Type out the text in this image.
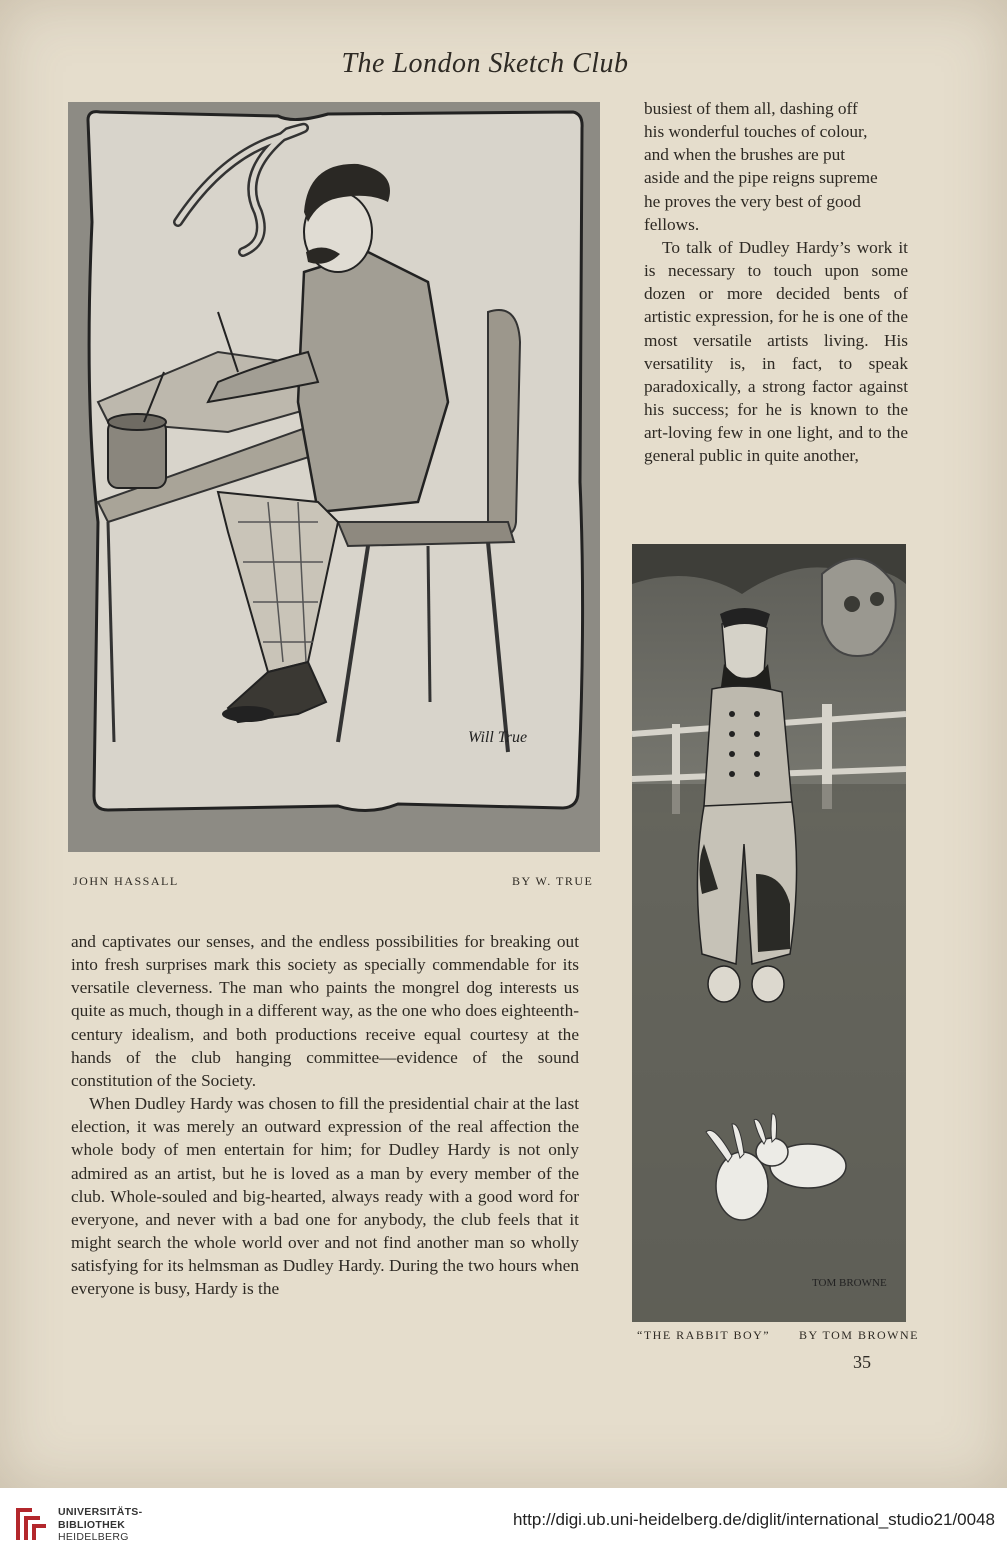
The London Sketch Club
Will True
JOHN HASSALL	BY W. TRUE
TOM BROWNE
“THE RABBIT BOY” BY TOM BROWNE
busiest of them all, dashing off
his wonderful touches of colour,
and when the brushes are put
aside and the pipe reigns supreme
he proves the very best of good
fellows.

To talk of Dudley Hardy’s work it is necessary to touch upon some dozen or more decided bents of artistic expression, for he is one of the most versatile artists living. His versatility is, in fact, to speak paradoxically, a strong factor against his success; for he is known to the art-loving few in one light, and to the general public in quite another,

and captivates our senses, and the endless possibilities for breaking out into fresh surprises mark this society as specially commendable for its versatile cleverness. The man who paints the mongrel dog interests us quite as much, though in a different way, as the one who does eighteenth-century idealism, and both productions receive equal courtesy at the hands of the club hanging committee—evidence of the sound constitution of the Society.

When Dudley Hardy was chosen to fill the presidential chair at the last election, it was merely an outward expression of the real affection the whole body of men entertain for him; for Dudley Hardy is not only admired as an artist, but he is loved as a man by every member of the club. Whole-souled and big-hearted, always ready with a good word for everyone, and never with a bad one for anybody, the club feels that it might search the whole world over and not find another man so wholly satisfying for its helmsman as Dudley Hardy. During the two hours when everyone is busy, Hardy is the

35
UNIVERSITÄTS-
BIBLIOTHEK
HEIDELBERG
http://digi.ub.uni-heidelberg.de/diglit/international_studio21/0048
